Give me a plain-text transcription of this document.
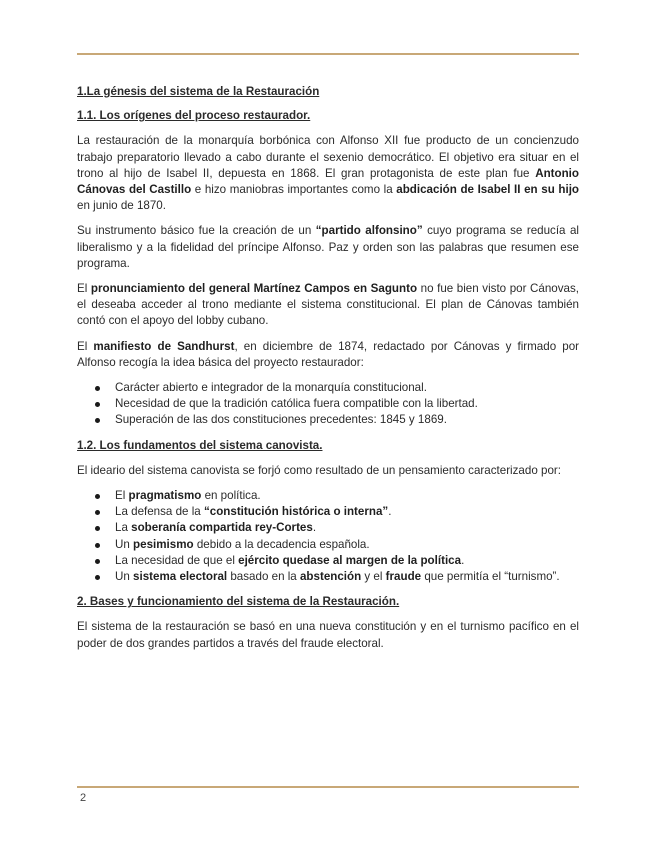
1.La génesis del sistema de la Restauración

1.1. Los orígenes del proceso restaurador.

La restauración de la monarquía borbónica con Alfonso XII fue producto de un concienzudo trabajo preparatorio llevado a cabo durante el sexenio democrático. El objetivo era situar en el trono al hijo de Isabel II, depuesta en 1868. El gran protagonista de este plan fue Antonio Cánovas del Castillo e hizo maniobras importantes como la abdicación de Isabel II en su hijo en junio de 1870.

Su instrumento básico fue la creación de un “partido alfonsino” cuyo programa se reducía al liberalismo y a la fidelidad del príncipe Alfonso. Paz y orden son las palabras que resumen ese programa.

El pronunciamiento del general Martínez Campos en Sagunto no fue bien visto por Cánovas, el deseaba acceder al trono mediante el sistema constitucional. El plan de Cánovas también contó con el apoyo del lobby cubano.

El manifiesto de Sandhurst, en diciembre de 1874, redactado por Cánovas y firmado por Alfonso recogía la idea básica del proyecto restaurador:

Carácter abierto e integrador de la monarquía constitucional.
Necesidad de que la tradición católica fuera compatible con la libertad.
Superación de las dos constituciones precedentes: 1845 y 1869.

1.2. Los fundamentos del sistema canovista.

El ideario del sistema canovista se forjó como resultado de un pensamiento caracterizado por:

El pragmatismo en política.
La defensa de la “constitución histórica o interna”.
La soberanía compartida rey-Cortes.
Un pesimismo debido a la decadencia española.
La necesidad de que el ejército quedase al margen de la política.
Un sistema electoral basado en la abstención y el fraude que permitía el “turnismo”.

2. Bases y funcionamiento del sistema de la Restauración.

El sistema de la restauración se basó en una nueva constitución y en el turnismo pacífico en el poder de dos grandes partidos a través del fraude electoral.

2
